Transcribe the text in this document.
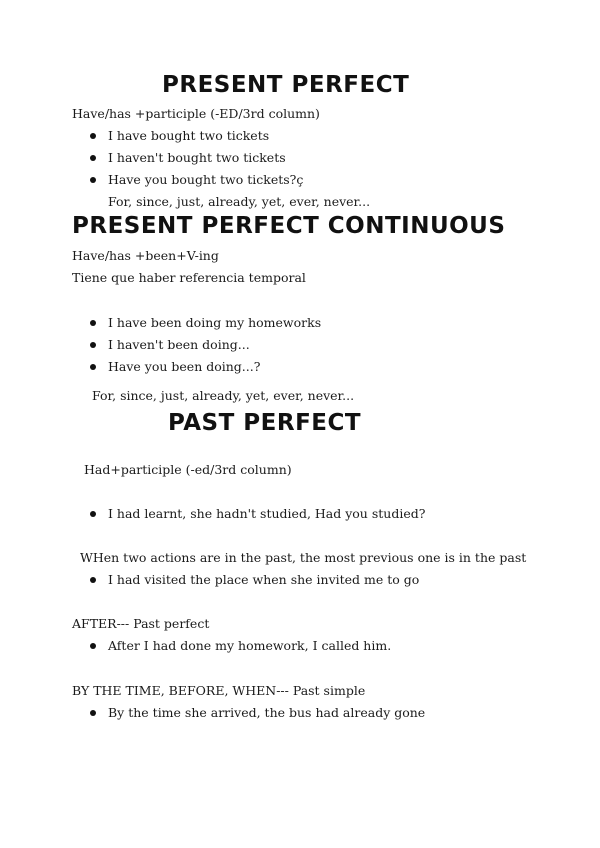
PRESENT PERFECT
Have/has +participle (-ED/3rd column)
I have bought two tickets
I haven't bought two tickets
Have you bought two tickets?ç
For, since, just, already, yet, ever, never...
PRESENT PERFECT CONTINUOUS
Have/has +been+V-ing
Tiene que haber referencia temporal
I have been doing my homeworks
I haven't been doing...
Have you been doing...?
For, since, just, already, yet, ever, never...
PAST PERFECT
Had+participle (-ed/3rd column)
I had learnt, she hadn't studied, Had you studied?
WHen two actions are in the past, the most previous one is in the past
I had visited the place when she invited me to go
AFTER--- Past perfect
After I had done my homework, I called him.
BY THE TIME, BEFORE, WHEN--- Past simple
By the time she arrived, the bus had already gone
